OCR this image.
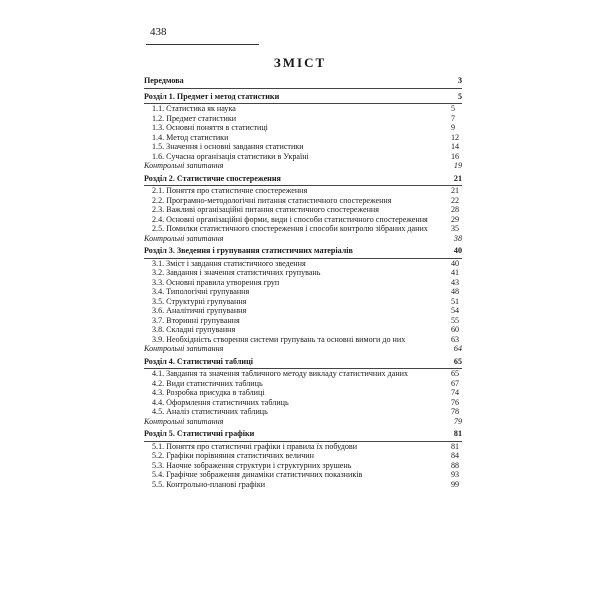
438
ЗМІСТ
Передмова	3
Розділ 1. Предмет і метод статистики	5
1.1. Статистика як наука	5
1.2. Предмет статистики	7
1.3. Основні поняття в статистиці	9
1.4. Метод статистики	12
1.5. Значення і основні завдання статистики	14
1.6. Сучасна організація статистики в Україні	16
Контрольні запитання	19
Розділ 2. Статистичне спостереження	21
2.1. Поняття про статистичне спостереження	21
2.2. Програмно-методологічні питання статистичного спостереження	22
2.3. Важливі організаційні питання статистичного спостереження	28
2.4. Основні організаційні форми, види і способи статистичного спостереження	29
2.5. Помилки статистичного спостереження і способи контролю зібраних даних	35
Контрольні запитання	38
Розділ 3. Зведення і групування статистичних матеріалів	40
3.1. Зміст і завдання статистичного зведення	40
3.2. Завдання і значення статистичних групувань	41
3.3. Основні правила утворення груп	43
3.4. Типологічні групування	48
3.5. Структурні групування	51
3.6. Аналітичні групування	54
3.7. Вторинні групування	55
3.8. Складні групування	60
3.9. Необхідність створення системи групувань та основні вимоги до них	63
Контрольні запитання	64
Розділ 4. Статистичні таблиці	65
4.1. Завдання та значення табличного методу викладу статистичних даних	65
4.2. Види статистичних таблиць	67
4.3. Розробка присудка в таблиці	74
4.4. Оформлення статистичних таблиць	76
4.5. Аналіз статистичних таблиць	78
Контрольні запитання	79
Розділ 5. Статистичні графіки	81
5.1. Поняття про статистичні графіки і правила їх побудови	81
5.2. Графіки порівняння статистичних величин	84
5.3. Наочне зображення структури і структурних зрушень	88
5.4. Графічне зображення динаміки статистичних показників	93
5.5. Контрольно-планові графіки	99
